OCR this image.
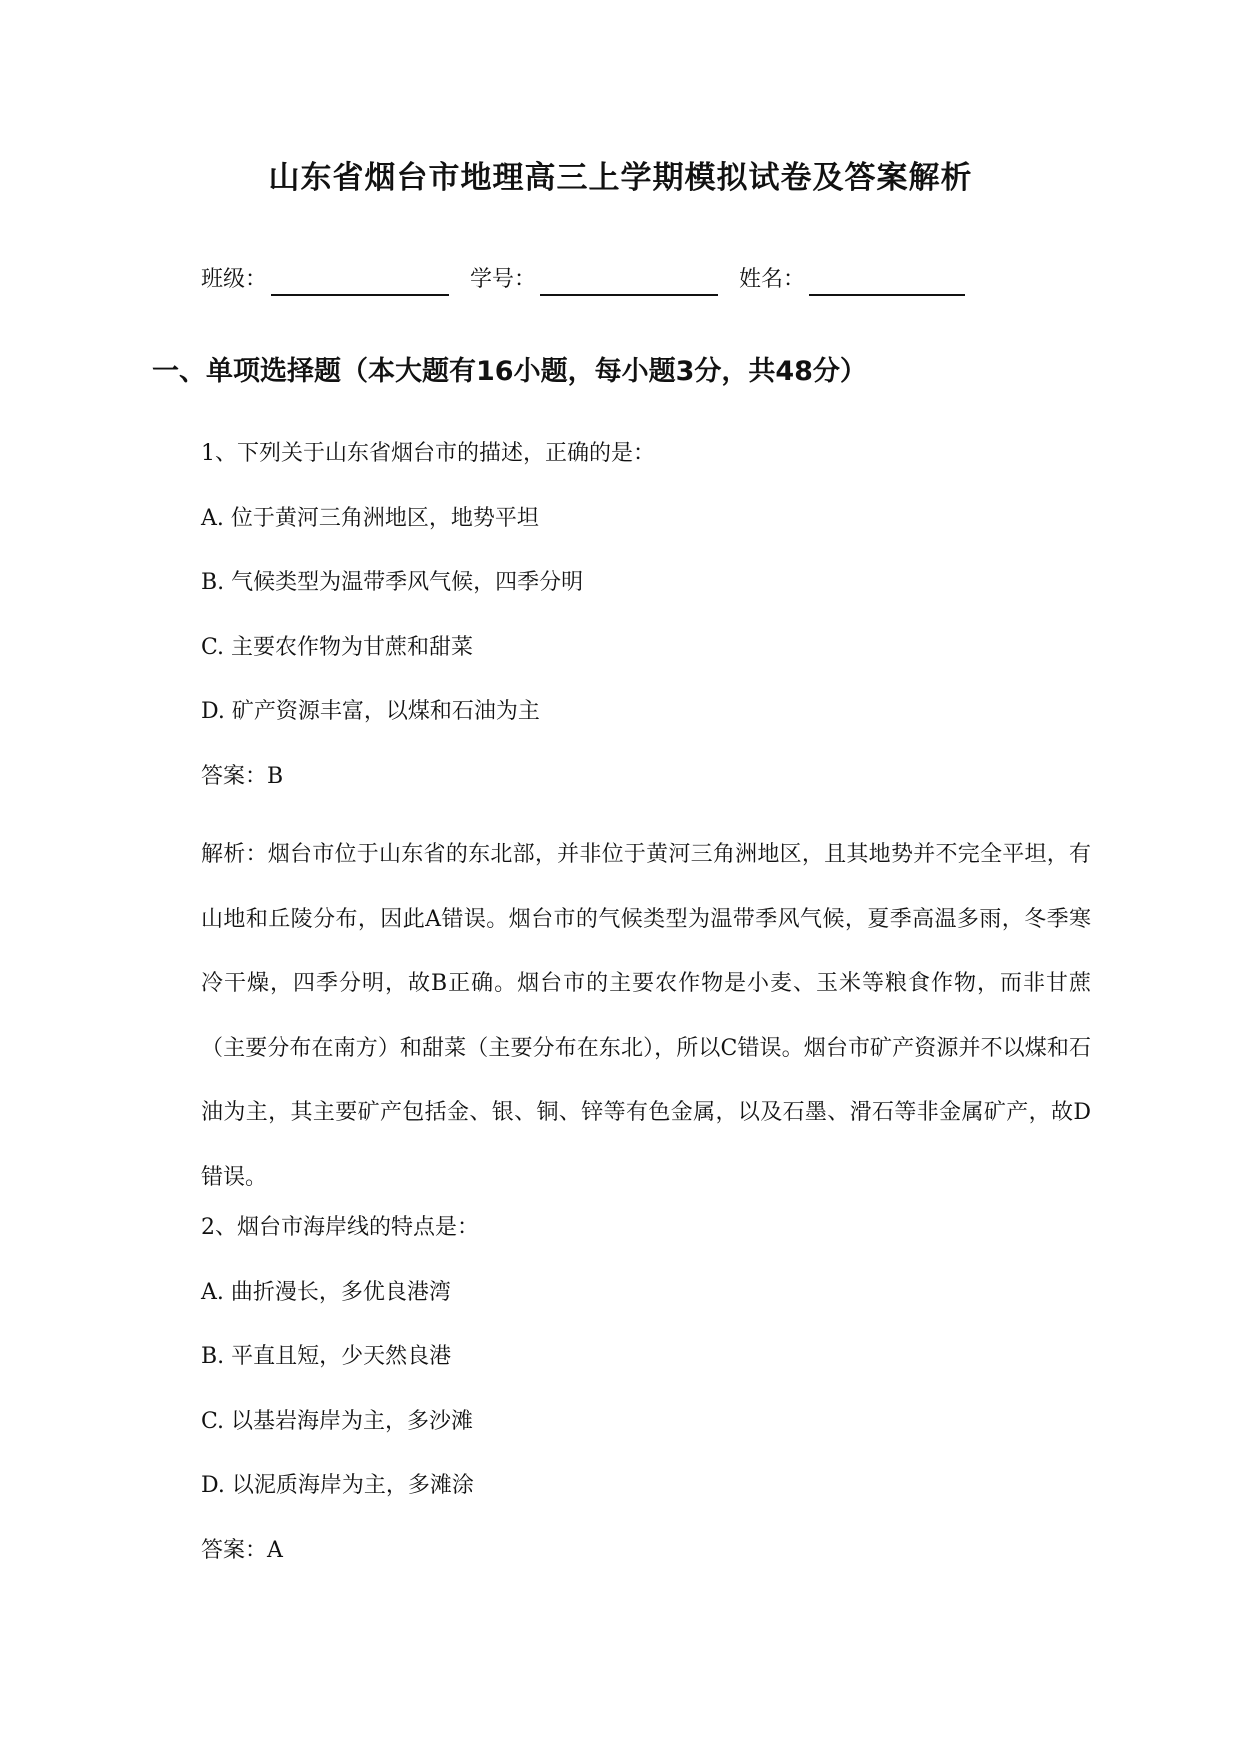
山东省烟台市地理高三上学期模拟试卷及答案解析
班级：	学号：	姓名：
一、单项选择题（本大题有16小题，每小题3分，共48分）
1、下列关于山东省烟台市的描述，正确的是：
A. 位于黄河三角洲地区，地势平坦
B. 气候类型为温带季风气候，四季分明
C. 主要农作物为甘蔗和甜菜
D. 矿产资源丰富，以煤和石油为主
答案：B

解析：烟台市位于山东省的东北部，并非位于黄河三角洲地区，且其地势并不完全平坦，有山地和丘陵分布，因此A错误。烟台市的气候类型为温带季风气候，夏季高温多雨，冬季寒冷干燥，四季分明，故B正确。烟台市的主要农作物是小麦、玉米等粮食作物，而非甘蔗（主要分布在南方）和甜菜（主要分布在东北），所以C错误。烟台市矿产资源并不以煤和石油为主，其主要矿产包括金、银、铜、锌等有色金属，以及石墨、滑石等非金属矿产，故D错误。

2、烟台市海岸线的特点是：
A. 曲折漫长，多优良港湾
B. 平直且短，少天然良港
C. 以基岩海岸为主，多沙滩
D. 以泥质海岸为主，多滩涂
答案：A
